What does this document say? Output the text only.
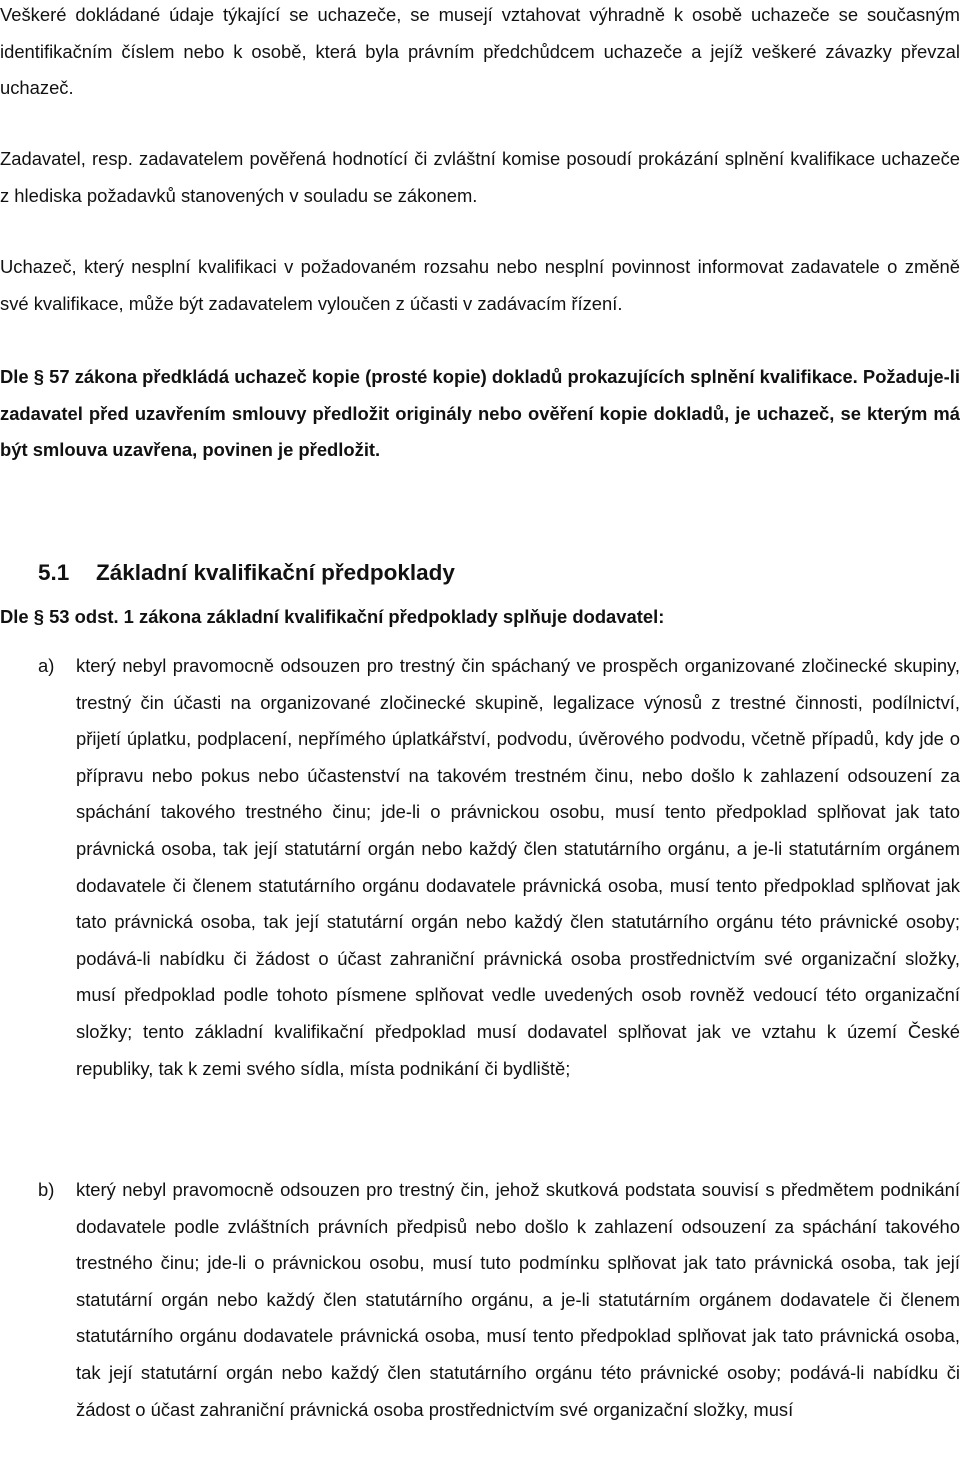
Veškeré dokládané údaje týkající se uchazeče, se musejí vztahovat výhradně k osobě uchazeče se současným identifikačním číslem nebo k osobě, která byla právním předchůdcem uchazeče a jejíž veškeré závazky převzal uchazeč.
Zadavatel, resp. zadavatelem pověřená hodnotící či zvláštní komise posoudí prokázání splnění kvalifikace uchazeče z hlediska požadavků stanovených v souladu se zákonem.
Uchazeč, který nesplní kvalifikaci v požadovaném rozsahu nebo nesplní povinnost informovat zadavatele o změně své kvalifikace, může být zadavatelem vyloučen z účasti v zadávacím řízení.
Dle § 57 zákona předkládá uchazeč kopie (prosté kopie) dokladů prokazujících splnění kvalifikace. Požaduje-li zadavatel před uzavřením smlouvy předložit originály nebo ověření kopie dokladů, je uchazeč, se kterým má být smlouva uzavřena, povinen je předložit.
5.1 Základní kvalifikační předpoklady
Dle § 53 odst. 1 zákona základní kvalifikační předpoklady splňuje dodavatel:
a) který nebyl pravomocně odsouzen pro trestný čin spáchaný ve prospěch organizované zločinecké skupiny, trestný čin účasti na organizované zločinecké skupině, legalizace výnosů z trestné činnosti, podílnictví, přijetí úplatku, podplacení, nepřímého úplatkářství, podvodu, úvěrového podvodu, včetně případů, kdy jde o přípravu nebo pokus nebo účastenství na takovém trestném činu, nebo došlo k zahlazení odsouzení za spáchání takového trestného činu; jde-li o právnickou osobu, musí tento předpoklad splňovat jak tato právnická osoba, tak její statutární orgán nebo každý člen statutárního orgánu, a je-li statutárním orgánem dodavatele či členem statutárního orgánu dodavatele právnická osoba, musí tento předpoklad splňovat jak tato právnická osoba, tak její statutární orgán nebo každý člen statutárního orgánu této právnické osoby; podává-li nabídku či žádost o účast zahraniční právnická osoba prostřednictvím své organizační složky, musí předpoklad podle tohoto písmene splňovat vedle uvedených osob rovněž vedoucí této organizační složky; tento základní kvalifikační předpoklad musí dodavatel splňovat jak ve vztahu k území České republiky, tak k zemi svého sídla, místa podnikání či bydliště;
b) který nebyl pravomocně odsouzen pro trestný čin, jehož skutková podstata souvisí s předmětem podnikání dodavatele podle zvláštních právních předpisů nebo došlo k zahlazení odsouzení za spáchání takového trestného činu; jde-li o právnickou osobu, musí tuto podmínku splňovat jak tato právnická osoba, tak její statutární orgán nebo každý člen statutárního orgánu, a je-li statutárním orgánem dodavatele či členem statutárního orgánu dodavatele právnická osoba, musí tento předpoklad splňovat jak tato právnická osoba, tak její statutární orgán nebo každý člen statutárního orgánu této právnické osoby; podává-li nabídku či žádost o účast zahraniční právnická osoba prostřednictvím své organizační složky, musí
